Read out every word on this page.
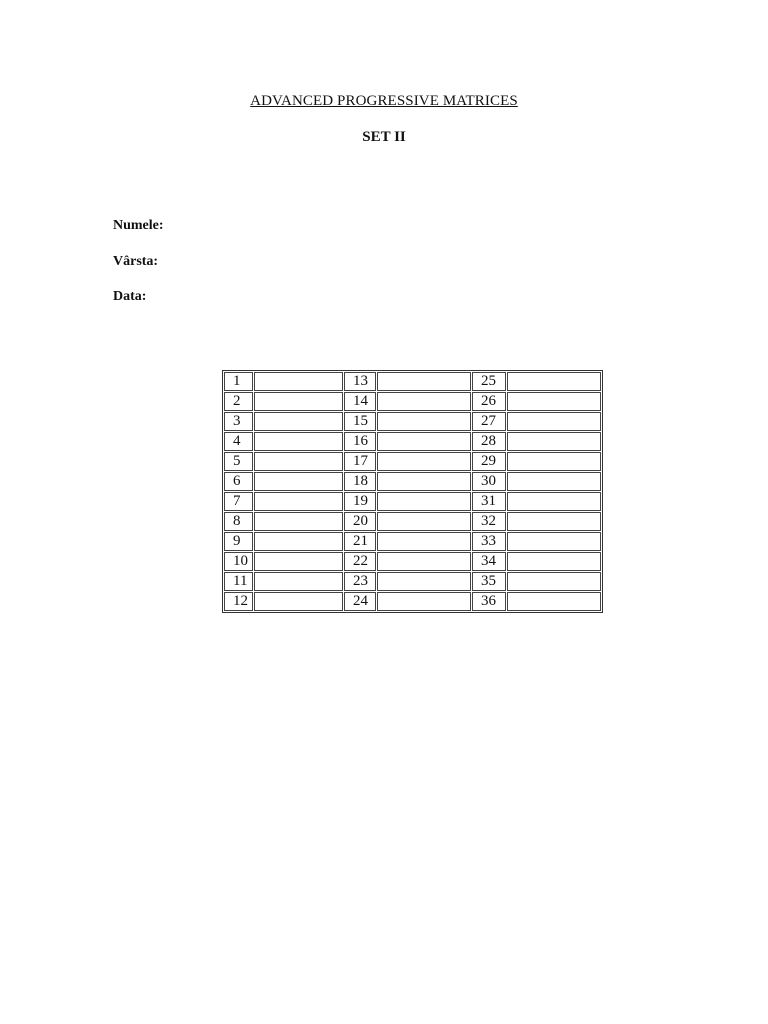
ADVANCED PROGRESSIVE MATRICES
SET II
Numele:
Vârsta:
Data:
1		13		25	
2		14		26	
3		15		27	
4		16		28	
5		17		29	
6		18		30	
7		19		31	
8		20		32	
9		21		33	
10		22		34	
11		23		35	
12		24		36	
